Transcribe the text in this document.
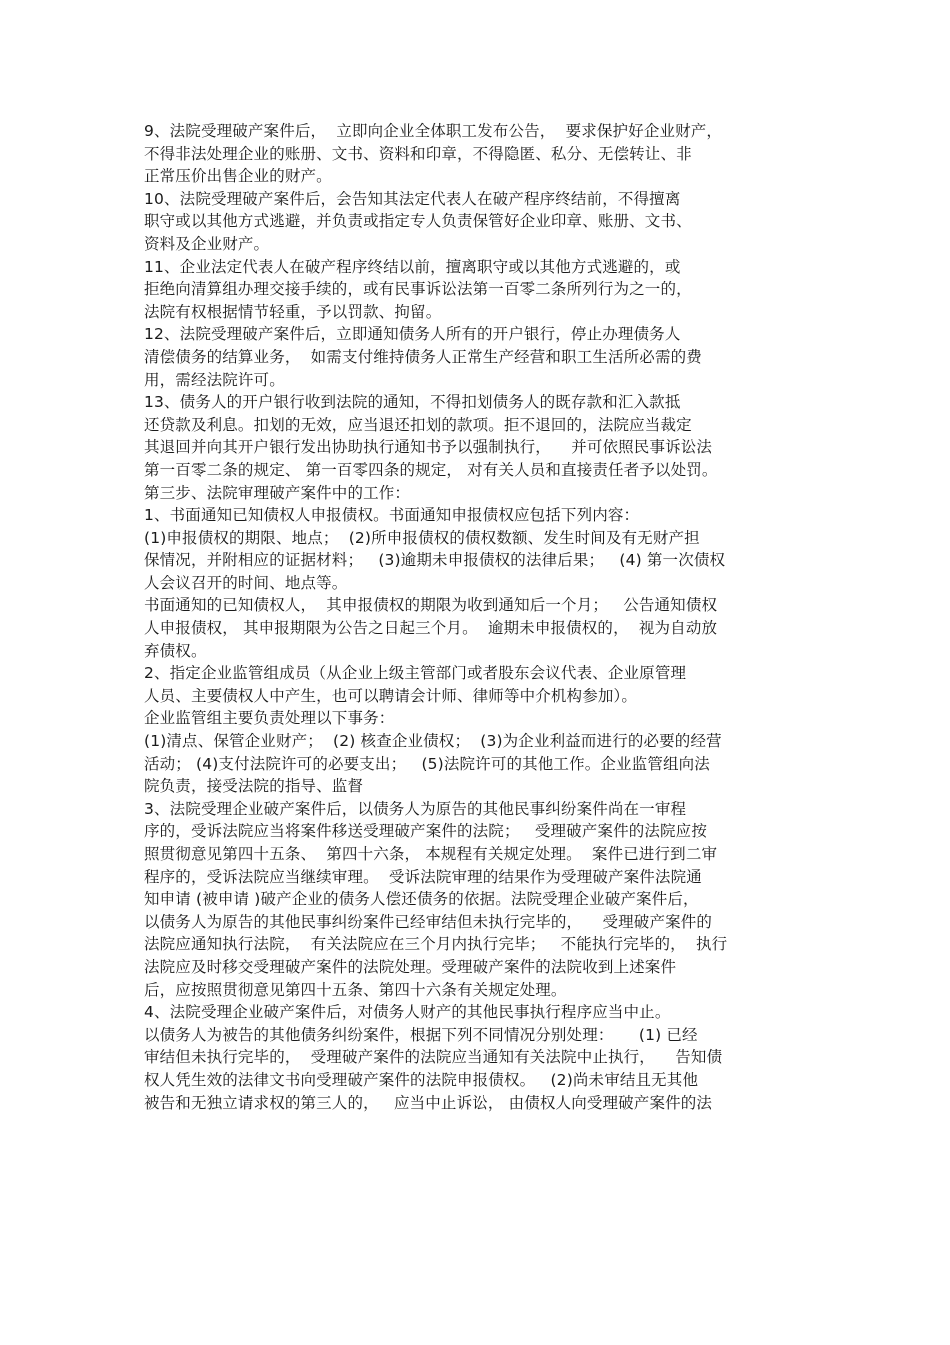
9、法院受理破产案件后，  立即向企业全体职工发布公告，  要求保护好企业财产，
不得非法处理企业的账册、文书、资料和印章，不得隐匿、私分、无偿转让、非
正常压价出售企业的财产。
10、法院受理破产案件后，会告知其法定代表人在破产程序终结前，不得擅离
职守或以其他方式逃避，并负责或指定专人负责保管好企业印章、账册、文书、
资料及企业财产。
11、企业法定代表人在破产程序终结以前，擅离职守或以其他方式逃避的，或
拒绝向清算组办理交接手续的，或有民事诉讼法第一百零二条所列行为之一的，
法院有权根据情节轻重，予以罚款、拘留。
12、法院受理破产案件后，立即通知债务人所有的开户银行，停止办理债务人
清偿债务的结算业务，  如需支付维持债务人正常生产经营和职工生活所必需的费
用，需经法院许可。
13、债务人的开户银行收到法院的通知，不得扣划债务人的既存款和汇入款抵
还贷款及利息。扣划的无效，应当退还扣划的款项。拒不退回的，法院应当裁定
其退回并向其开户银行发出协助执行通知书予以强制执行，    并可依照民事诉讼法
第一百零二条的规定、 第一百零四条的规定， 对有关人员和直接责任者予以处罚。
第三步、法院审理破产案件中的工作：
1、书面通知已知债权人申报债权。书面通知申报债权应包括下列内容：
(1)申报债权的期限、地点；  (2)所申报债权的债权数额、发生时间及有无财产担
保情况，并附相应的证据材料；   (3)逾期未申报债权的法律后果；   (4) 第一次债权
人会议召开的时间、地点等。
书面通知的已知债权人，  其申报债权的期限为收到通知后一个月；   公告通知债权
人申报债权， 其申报期限为公告之日起三个月。  逾期未申报债权的，  视为自动放
弃债权。
2、指定企业监管组成员（从企业上级主管部门或者股东会议代表、企业原管理
人员、主要债权人中产生，也可以聘请会计师、律师等中介机构参加）。
企业监管组主要负责处理以下事务：
(1)清点、保管企业财产；  (2) 核查企业债权；  (3)为企业利益而进行的必要的经营
活动； (4)支付法院许可的必要支出；   (5)法院许可的其他工作。企业监管组向法
院负责，接受法院的指导、监督
3、法院受理企业破产案件后，以债务人为原告的其他民事纠纷案件尚在一审程
序的，受诉法院应当将案件移送受理破产案件的法院；   受理破产案件的法院应按
照贯彻意见第四十五条、  第四十六条， 本规程有关规定处理。  案件已进行到二审
程序的，受诉法院应当继续审理。  受诉法院审理的结果作为受理破产案件法院通
知申请 (被申请 )破产企业的债务人偿还债务的依据。法院受理企业破产案件后，
以债务人为原告的其他民事纠纷案件已经审结但未执行完毕的，    受理破产案件的
法院应通知执行法院，  有关法院应在三个月内执行完毕；   不能执行完毕的，  执行
法院应及时移交受理破产案件的法院处理。受理破产案件的法院收到上述案件
后，应按照贯彻意见第四十五条、第四十六条有关规定处理。
4、法院受理企业破产案件后，对债务人财产的其他民事执行程序应当中止。
以债务人为被告的其他债务纠纷案件，根据下列不同情况分别处理：     (1) 已经
审结但未执行完毕的，  受理破产案件的法院应当通知有关法院中止执行，    告知债
权人凭生效的法律文书向受理破产案件的法院申报债权。   (2)尚未审结且无其他
被告和无独立请求权的第三人的，   应当中止诉讼， 由债权人向受理破产案件的法
